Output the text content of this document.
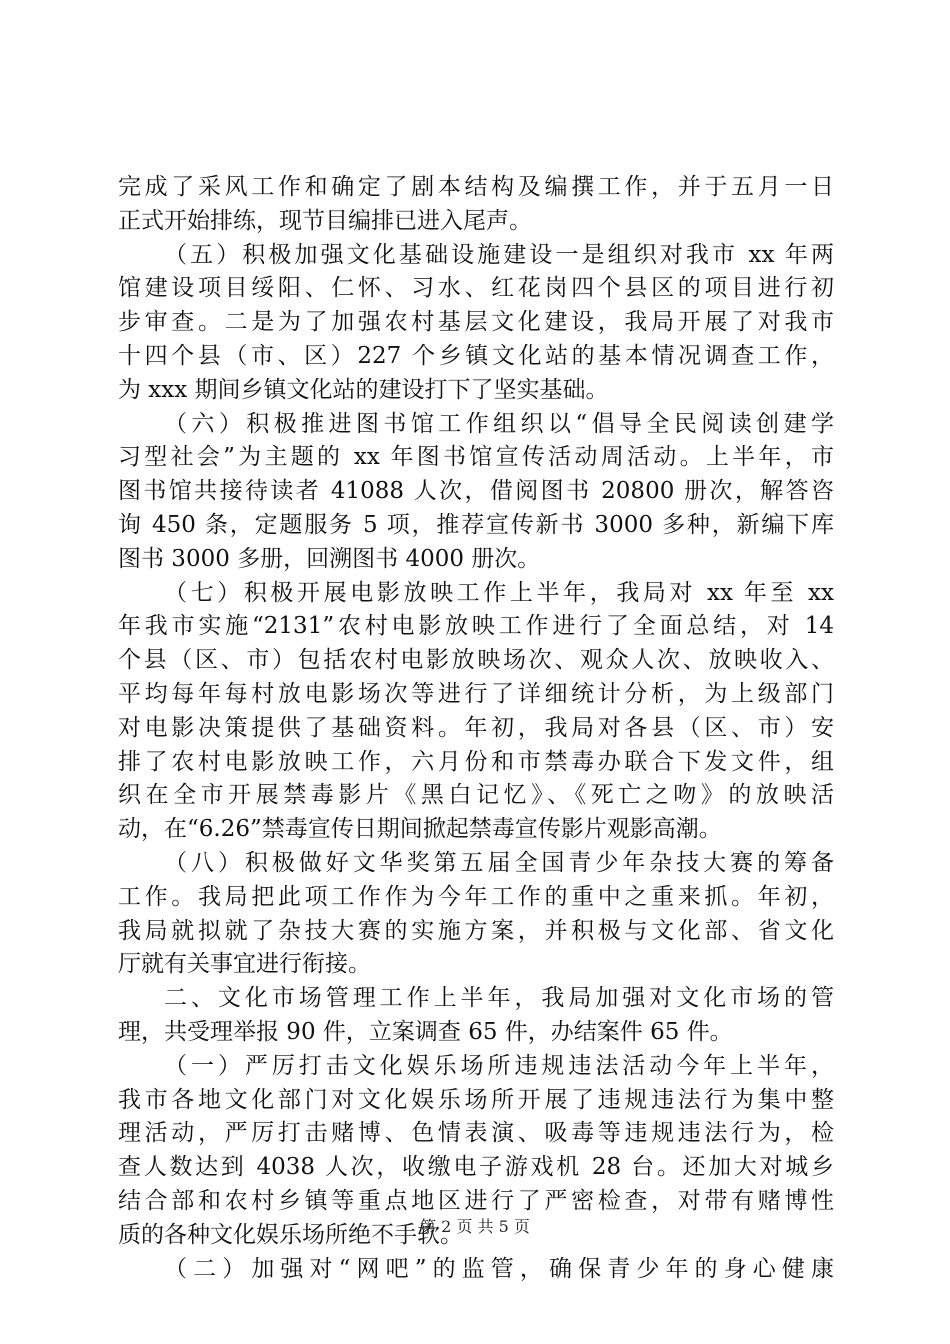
完成了采风工作和确定了剧本结构及编撰工作，并于五月一日
正式开始排练，现节目编排已进入尾声。
（五）积极加强文化基础设施建设一是组织对我市 xx 年两
馆建设项目绥阳、仁怀、习水、红花岗四个县区的项目进行初
步审查。二是为了加强农村基层文化建设，我局开展了对我市
十四个县（市、区）227 个乡镇文化站的基本情况调查工作，
为 xxx 期间乡镇文化站的建设打下了坚实基础。
（六）积极推进图书馆工作组织以“倡导全民阅读创建学
习型社会”为主题的 xx 年图书馆宣传活动周活动。上半年，市
图书馆共接待读者 41088 人次，借阅图书 20800 册次，解答咨
询 450 条，定题服务 5 项，推荐宣传新书 3000 多种，新编下库
图书 3000 多册，回溯图书 4000 册次。
（七）积极开展电影放映工作上半年，我局对 xx 年至 xx
年我市实施“2131”农村电影放映工作进行了全面总结，对 14
个县（区、市）包括农村电影放映场次、观众人次、放映收入、
平均每年每村放电影场次等进行了详细统计分析，为上级部门
对电影决策提供了基础资料。年初，我局对各县（区、市）安
排了农村电影放映工作，六月份和市禁毒办联合下发文件，组
织在全市开展禁毒影片《黑白记忆》、《死亡之吻》的放映活
动，在“6.26”禁毒宣传日期间掀起禁毒宣传影片观影高潮。
（八）积极做好文华奖第五届全国青少年杂技大赛的筹备
工作。我局把此项工作作为今年工作的重中之重来抓。年初，
我局就拟就了杂技大赛的实施方案，并积极与文化部、省文化
厅就有关事宜进行衔接。
二、文化市场管理工作上半年，我局加强对文化市场的管
理，共受理举报 90 件，立案调查 65 件，办结案件 65 件。
（一）严厉打击文化娱乐场所违规违法活动今年上半年，
我市各地文化部门对文化娱乐场所开展了违规违法行为集中整
理活动，严厉打击赌博、色情表演、吸毒等违规违法行为，检
查人数达到 4038 人次，收缴电子游戏机 28 台。还加大对城乡
结合部和农村乡镇等重点地区进行了严密检查，对带有赌博性
质的各种文化娱乐场所绝不手软。
（二）加强对“网吧”的监管，确保青少年的身心健康
第 2 页 共 5 页
